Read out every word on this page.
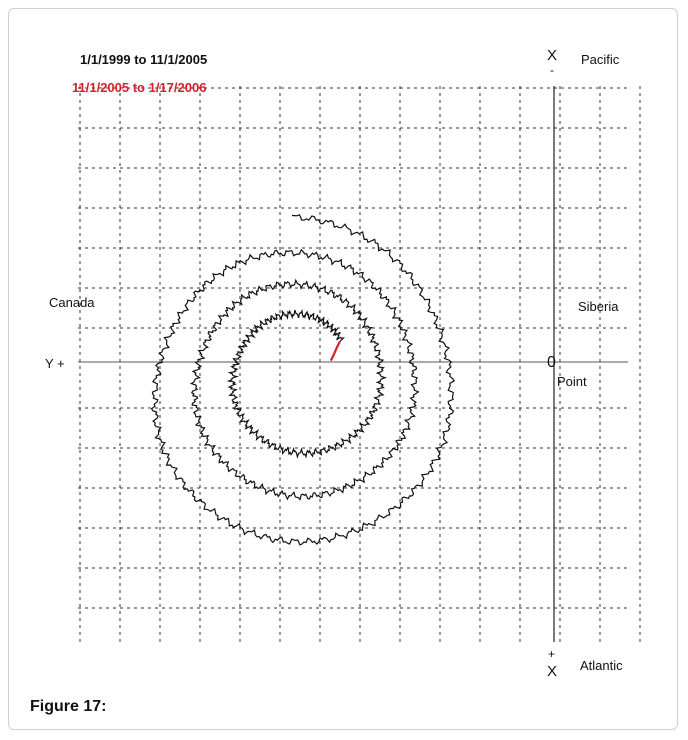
1/1/1999 to 11/1/2005
11/1/2005 to 1/17/2006
X
-
Pacific
Canada	Siberia
Y +	0
Point
+
X Atlantic
Figure 17:
